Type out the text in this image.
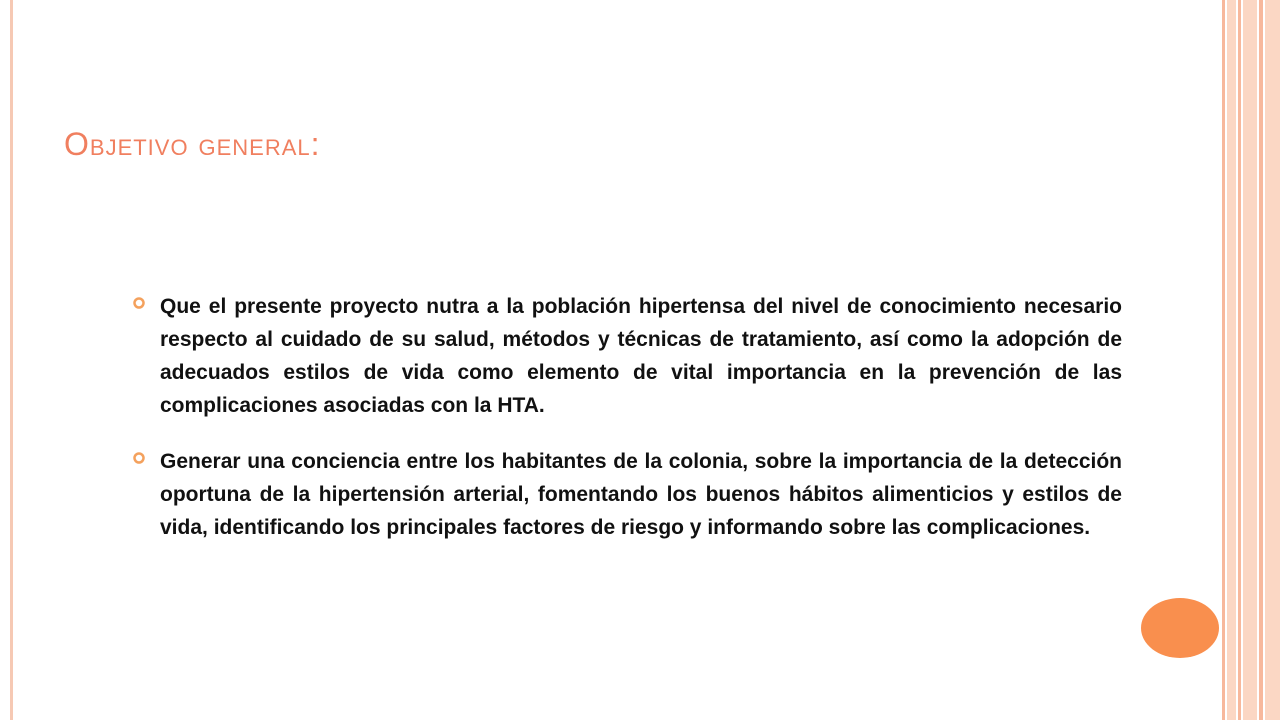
Objetivo general:
Que el presente proyecto nutra a la población hipertensa del nivel de conocimiento necesario respecto al cuidado de su salud, métodos y técnicas de tratamiento, así como la adopción de adecuados estilos de vida como elemento de vital importancia en la prevención de las complicaciones asociadas con la HTA.
Generar una conciencia entre los habitantes de la colonia, sobre la importancia de la detección oportuna de la hipertensión arterial, fomentando los buenos hábitos alimenticios y estilos de vida, identificando los principales factores de riesgo y informando sobre las complicaciones.
